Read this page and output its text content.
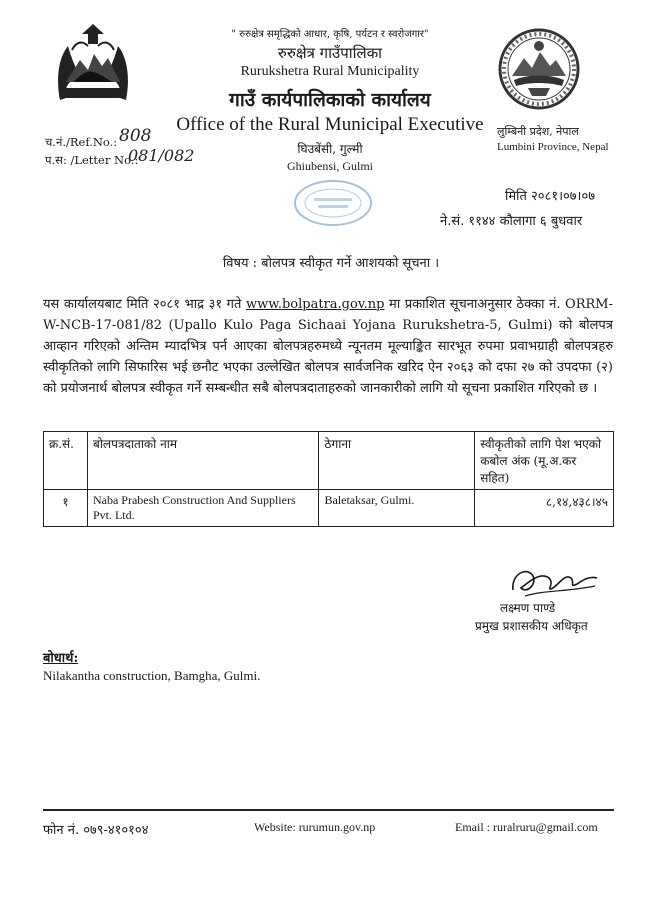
" रुरुक्षेत्र समृद्धिको आधार, कृषि, पर्यटन र स्वरोजगार"
रुरुक्षेत्र गाउँपालिका
Rurukshetra Rural Municipality
गाउँ कार्यपालिकाको कार्यालय
Office of the Rural Municipal Executive
घिउबेंसी, गुल्मी
Ghiubensi, Gulmi
लुम्बिनी प्रदेश, नेपाल
Lumbini Province, Nepal
च.नं./Ref.No.: 808
प.स: /Letter No.:
081/082
मिति २०८१।०७।०७
ने.सं. ११४४ कौलागा ६ बुधवार
विषय : बोलपत्र स्वीकृत गर्ने आशयको सूचना ।
यस कार्यालयबाट मिति २०८१ भाद्र ३१ गते www.bolpatra.gov.np मा प्रकाशित सूचनाअनुसार ठेक्का नं. ORRM-W-NCB-17-081/82 (Upallo Kulo Paga Sichaai Yojana Rurukshetra-5, Gulmi) को बोलपत्र आव्हान गरिएको अन्तिम म्यादभित्र पर्न आएका बोलपत्रहरुमध्ये न्यूनतम मूल्याङ्कित सारभूत रुपमा प्रवाभग्राही बोलपत्रहरु स्वीकृतिको लागि सिफारिस भई छनौट भएका उल्लेखित बोलपत्र सार्वजनिक खरिद ऐन २०६३ को दफा २७ को उपदफा (२) को प्रयोजनार्थ बोलपत्र स्वीकृत गर्ने सम्बन्धीत सबै बोलपत्रदाताहरुको जानकारीको लागि यो सूचना प्रकाशित गरिएको छ ।
क्र.सं.	बोलपत्रदाताको नाम	ठेगाना	स्वीकृतीको लागि पेश भएको कबोल अंक (मू.अ.कर सहित)
१	Naba Prabesh Construction And Suppliers Pvt. Ltd.	Baletaksar, Gulmi.	८,१४,४३८।४५
लक्ष्मण पाण्डे
प्रमुख प्रशासकीय अधिकृत
बोधार्थ:
Nilakantha construction, Bamgha, Gulmi.
फोन नं. ०७९-४१०१०४	Website: rurumun.gov.np	Email : ruralruru@gmail.com
